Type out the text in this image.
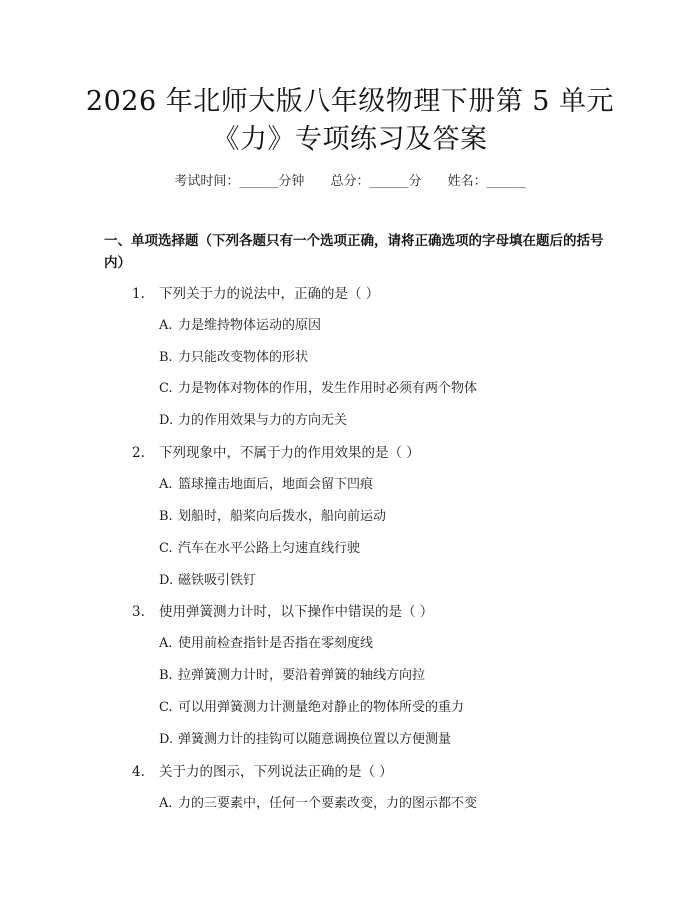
2026 年北师大版八年级物理下册第 5 单元
《力》专项练习及答案
考试时间：______分钟 总分：______分 姓名：______
一、单项选择题（下列各题只有一个选项正确，请将正确选项的字母填在题后的括号内）
1. 下列关于力的说法中，正确的是（ ）
A. 力是维持物体运动的原因
B. 力只能改变物体的形状
C. 力是物体对物体的作用，发生作用时必须有两个物体
D. 力的作用效果与力的方向无关
2. 下列现象中，不属于力的作用效果的是（ ）
A. 篮球撞击地面后，地面会留下凹痕
B. 划船时，船桨向后拨水，船向前运动
C. 汽车在水平公路上匀速直线行驶
D. 磁铁吸引铁钉
3. 使用弹簧测力计时，以下操作中错误的是（ ）
A. 使用前检查指针是否指在零刻度线
B. 拉弹簧测力计时，要沿着弹簧的轴线方向拉
C. 可以用弹簧测力计测量绝对静止的物体所受的重力
D. 弹簧测力计的挂钩可以随意调换位置以方便测量
4. 关于力的图示，下列说法正确的是（ ）
A. 力的三要素中，任何一个要素改变，力的图示都不变
